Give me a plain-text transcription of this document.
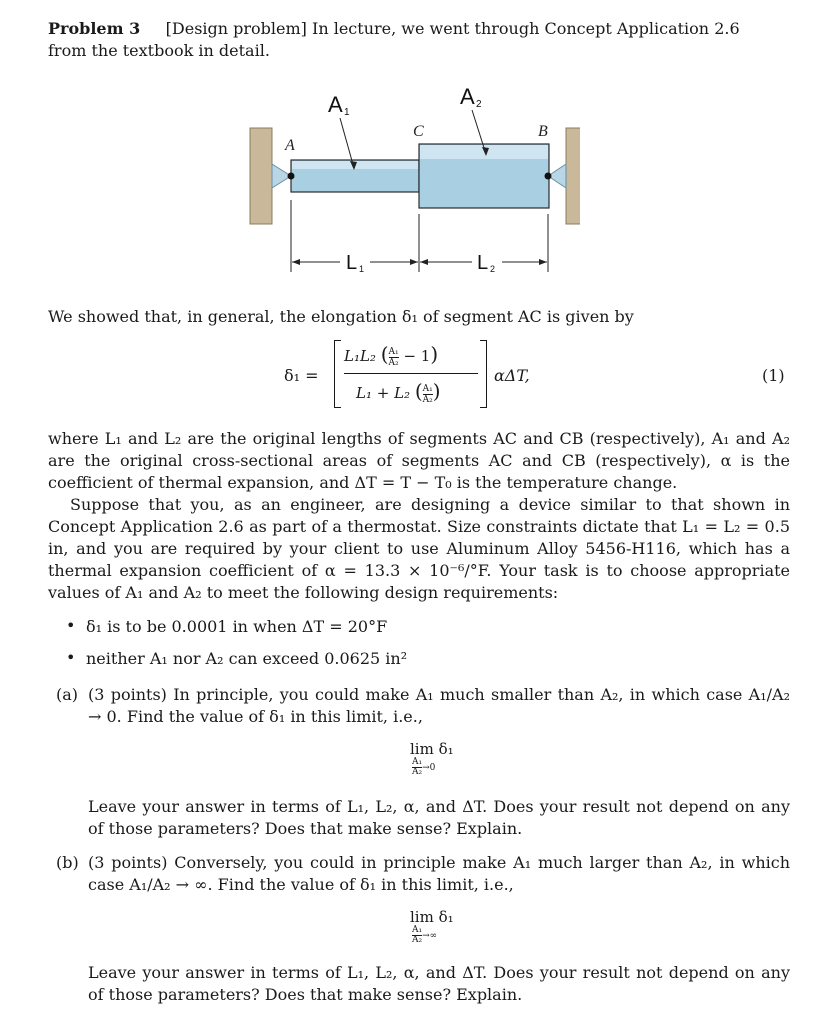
Problem 3 [Design problem] In lecture, we went through Concept Application 2.6
from the textbook in detail.
A
C	B
A 1
A 2
L 1	L 2
We showed that, in general, the elongation δ₁ of segment AC is given by
δ₁ =
L₁L₂ ( $\frac{\text{A₁}}{\text{A₂}} - 1$)
L₁ + L₂ ( $\frac{\text{A₁}}{\text{A₂}}$ )
αΔT,	(1)
where L₁ and L₂ are the original lengths of segments AC and CB (respectively), A₁ and A₂ are the original cross-sectional areas of segments AC and CB (respectively), α is the coefficient of thermal expansion, and ΔT = T − T₀ is the temperature change.
Suppose that you, as an engineer, are designing a device similar to that shown in Concept Application 2.6 as part of a thermostat. Size constraints dictate that L₁ = L₂ = 0.5 in, and you are required by your client to use Aluminum Alloy 5456-H116, which has a thermal expansion coefficient of α = 13.3 × 10⁻⁶/°F. Your task is to choose appropriate values of A₁ and A₂ to meet the following design requirements:
• δ₁ is to be 0.0001 in when ΔT = 20°F
• neither A₁ nor A₂ can exceed 0.0625 in²
(a) (3 points) In principle, you could make A₁ much smaller than A₂, in which case A₁/A₂ → 0. Find the value of δ₁ in this limit, i.e.,
lim δ₁
$\frac{\text{A₁}}{\text{A₂}} \to 0$
Leave your answer in terms of L₁, L₂, α, and ΔT. Does your result not depend on any of those parameters? Does that make sense? Explain.
(b) (3 points) Conversely, you could in principle make A₁ much larger than A₂, in which case A₁/A₂ → ∞. Find the value of δ₁ in this limit, i.e.,
lim δ₁
$\frac{\text{A₁}}{\text{A₂}}$ →∞
Leave your answer in terms of L₁, L₂, α, and ΔT. Does your result not depend on any of those parameters? Does that make sense? Explain.
